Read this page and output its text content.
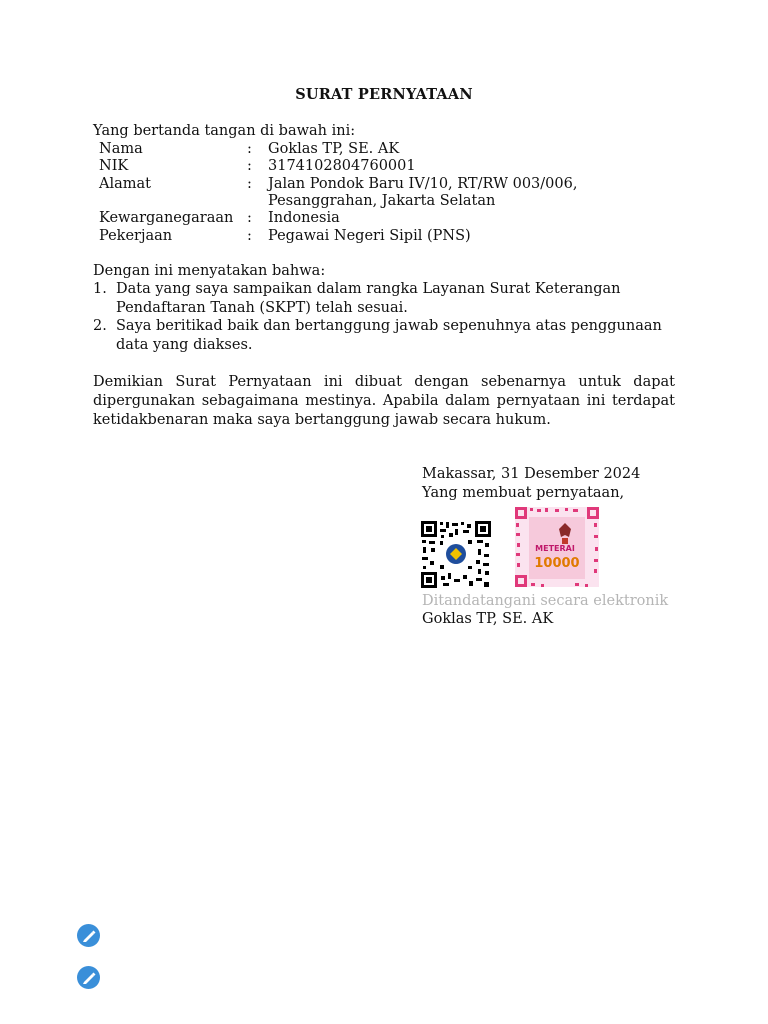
SURAT PERNYATAAN
Yang bertanda tangan di bawah ini:
Nama	: Goklas TP, SE. AK
NIK	: 3174102804760001
Alamat	: Jalan Pondok Baru IV/10, RT/RW 003/006,
Pesanggrahan, Jakarta Selatan
Kewarganegaraan : Indonesia
Pekerjaan	: Pegawai Negeri Sipil (PNS)
Dengan ini menyatakan bahwa:
1. Data yang saya sampaikan dalam rangka Layanan Surat Keterangan Pendaftaran Tanah (SKPT) telah sesuai.
2. Saya beritikad baik dan bertanggung jawab sepenuhnya atas penggunaan data yang diakses.
Demikian Surat Pernyataan ini dibuat dengan sebenarnya untuk dapat dipergunakan sebagaimana mestinya. Apabila dalam pernyataan ini terdapat ketidakbenaran maka saya bertanggung jawab secara hukum.
Makassar, 31 Desember 2024
Yang membuat pernyataan,
METERAI
10000
Ditandatangani secara elektronik
Goklas TP, SE. AK
